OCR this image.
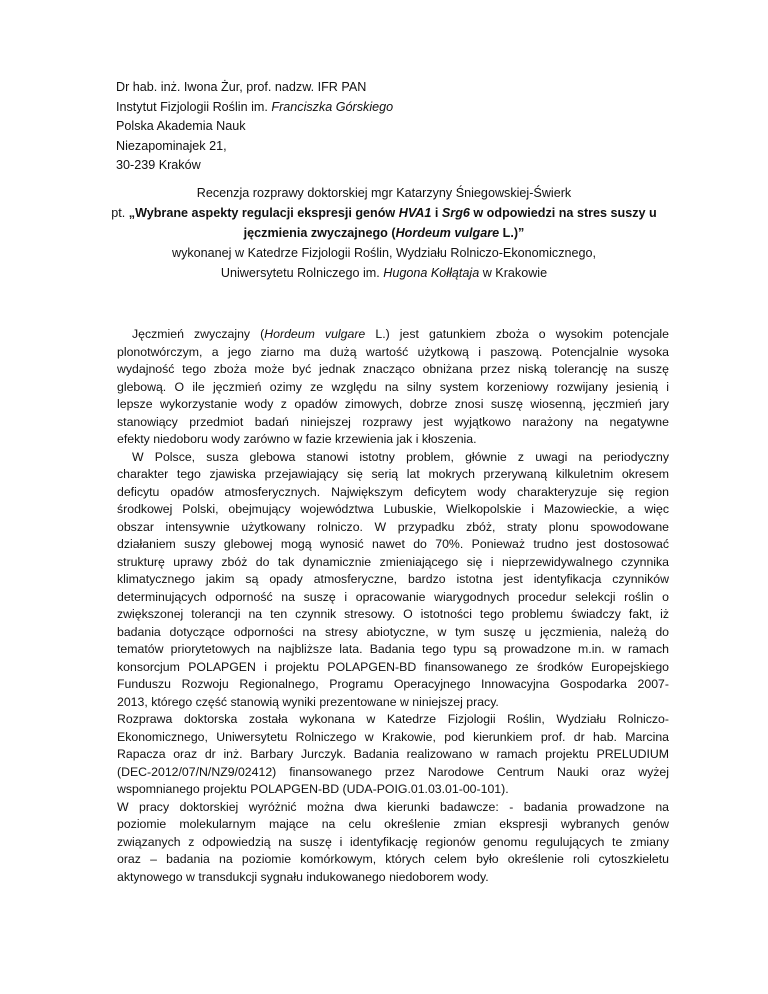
Dr hab. inż. Iwona Żur, prof. nadzw. IFR PAN
Instytut Fizjologii Roślin im. Franciszka Górskiego
Polska Akademia Nauk
Niezapominajek 21,
30-239 Kraków
Recenzja rozprawy doktorskiej mgr Katarzyny Śniegowskiej-Świerk
pt. „Wybrane aspekty regulacji ekspresji genów HVA1 i Srg6 w odpowiedzi na stres suszy u
jęczmienia zwyczajnego (Hordeum vulgare L.)”
wykonanej w Katedrze Fizjologii Roślin, Wydziału Rolniczo-Ekonomicznego,
Uniwersytetu Rolniczego im. Hugona Kołłątaja w Krakowie

Jęczmień zwyczajny (Hordeum vulgare L.) jest gatunkiem zboża o wysokim potencjale

plonotwórczym, a jego ziarno ma dużą wartość użytkową i paszową. Potencjalnie wysoka

wydajność tego zboża może być jednak znacząco obniżana przez niską tolerancję na suszę

glebową. O ile jęczmień ozimy ze względu na silny system korzeniowy rozwijany jesienią i

lepsze wykorzystanie wody z opadów zimowych, dobrze znosi suszę wiosenną, jęczmień jary

stanowiący przedmiot badań niniejszej rozprawy jest wyjątkowo narażony na negatywne

efekty niedoboru wody zarówno w fazie krzewienia jak i kłoszenia.

W Polsce, susza glebowa stanowi istotny problem, głównie z uwagi na periodyczny

charakter tego zjawiska przejawiający się serią lat mokrych przerywaną kilkuletnim okresem

deficytu opadów atmosferycznych. Największym deficytem wody charakteryzuje się region

środkowej Polski, obejmujący województwa Lubuskie, Wielkopolskie i Mazowieckie, a więc

obszar intensywnie użytkowany rolniczo. W przypadku zbóż, straty plonu spowodowane

działaniem suszy glebowej mogą wynosić nawet do 70%. Ponieważ trudno jest dostosować

strukturę uprawy zbóż do tak dynamicznie zmieniającego się i nieprzewidywalnego czynnika

klimatycznego jakim są opady atmosferyczne, bardzo istotna jest identyfikacja czynników

determinujących odporność na suszę i opracowanie wiarygodnych procedur selekcji roślin o

zwiększonej tolerancji na ten czynnik stresowy. O istotności tego problemu świadczy fakt, iż

badania dotyczące odporności na stresy abiotyczne, w tym suszę u jęczmienia, należą do

tematów priorytetowych na najbliższe lata. Badania tego typu są prowadzone m.in. w ramach

konsorcjum POLAPGEN i projektu POLAPGEN-BD finansowanego ze środków Europejskiego

Funduszu Rozwoju Regionalnego, Programu Operacyjnego Innowacyjna Gospodarka 2007-

2013, którego część stanowią wyniki prezentowane w niniejszej pracy.

Rozprawa doktorska została wykonana w Katedrze Fizjologii Roślin, Wydziału Rolniczo-

Ekonomicznego, Uniwersytetu Rolniczego w Krakowie, pod kierunkiem prof. dr hab. Marcina

Rapacza oraz dr inż. Barbary Jurczyk. Badania realizowano w ramach projektu PRELUDIUM

(DEC-2012/07/N/NZ9/02412) finansowanego przez Narodowe Centrum Nauki oraz wyżej

wspomnianego projektu POLAPGEN-BD (UDA-POIG.01.03.01-00-101).

W pracy doktorskiej wyróżnić można dwa kierunki badawcze: - badania prowadzone na

poziomie molekularnym mające na celu określenie zmian ekspresji wybranych genów

związanych z odpowiedzią na suszę i identyfikację regionów genomu regulujących te zmiany

oraz – badania na poziomie komórkowym, których celem było określenie roli cytoszkieletu

aktynowego w transdukcji sygnału indukowanego niedoborem wody.
